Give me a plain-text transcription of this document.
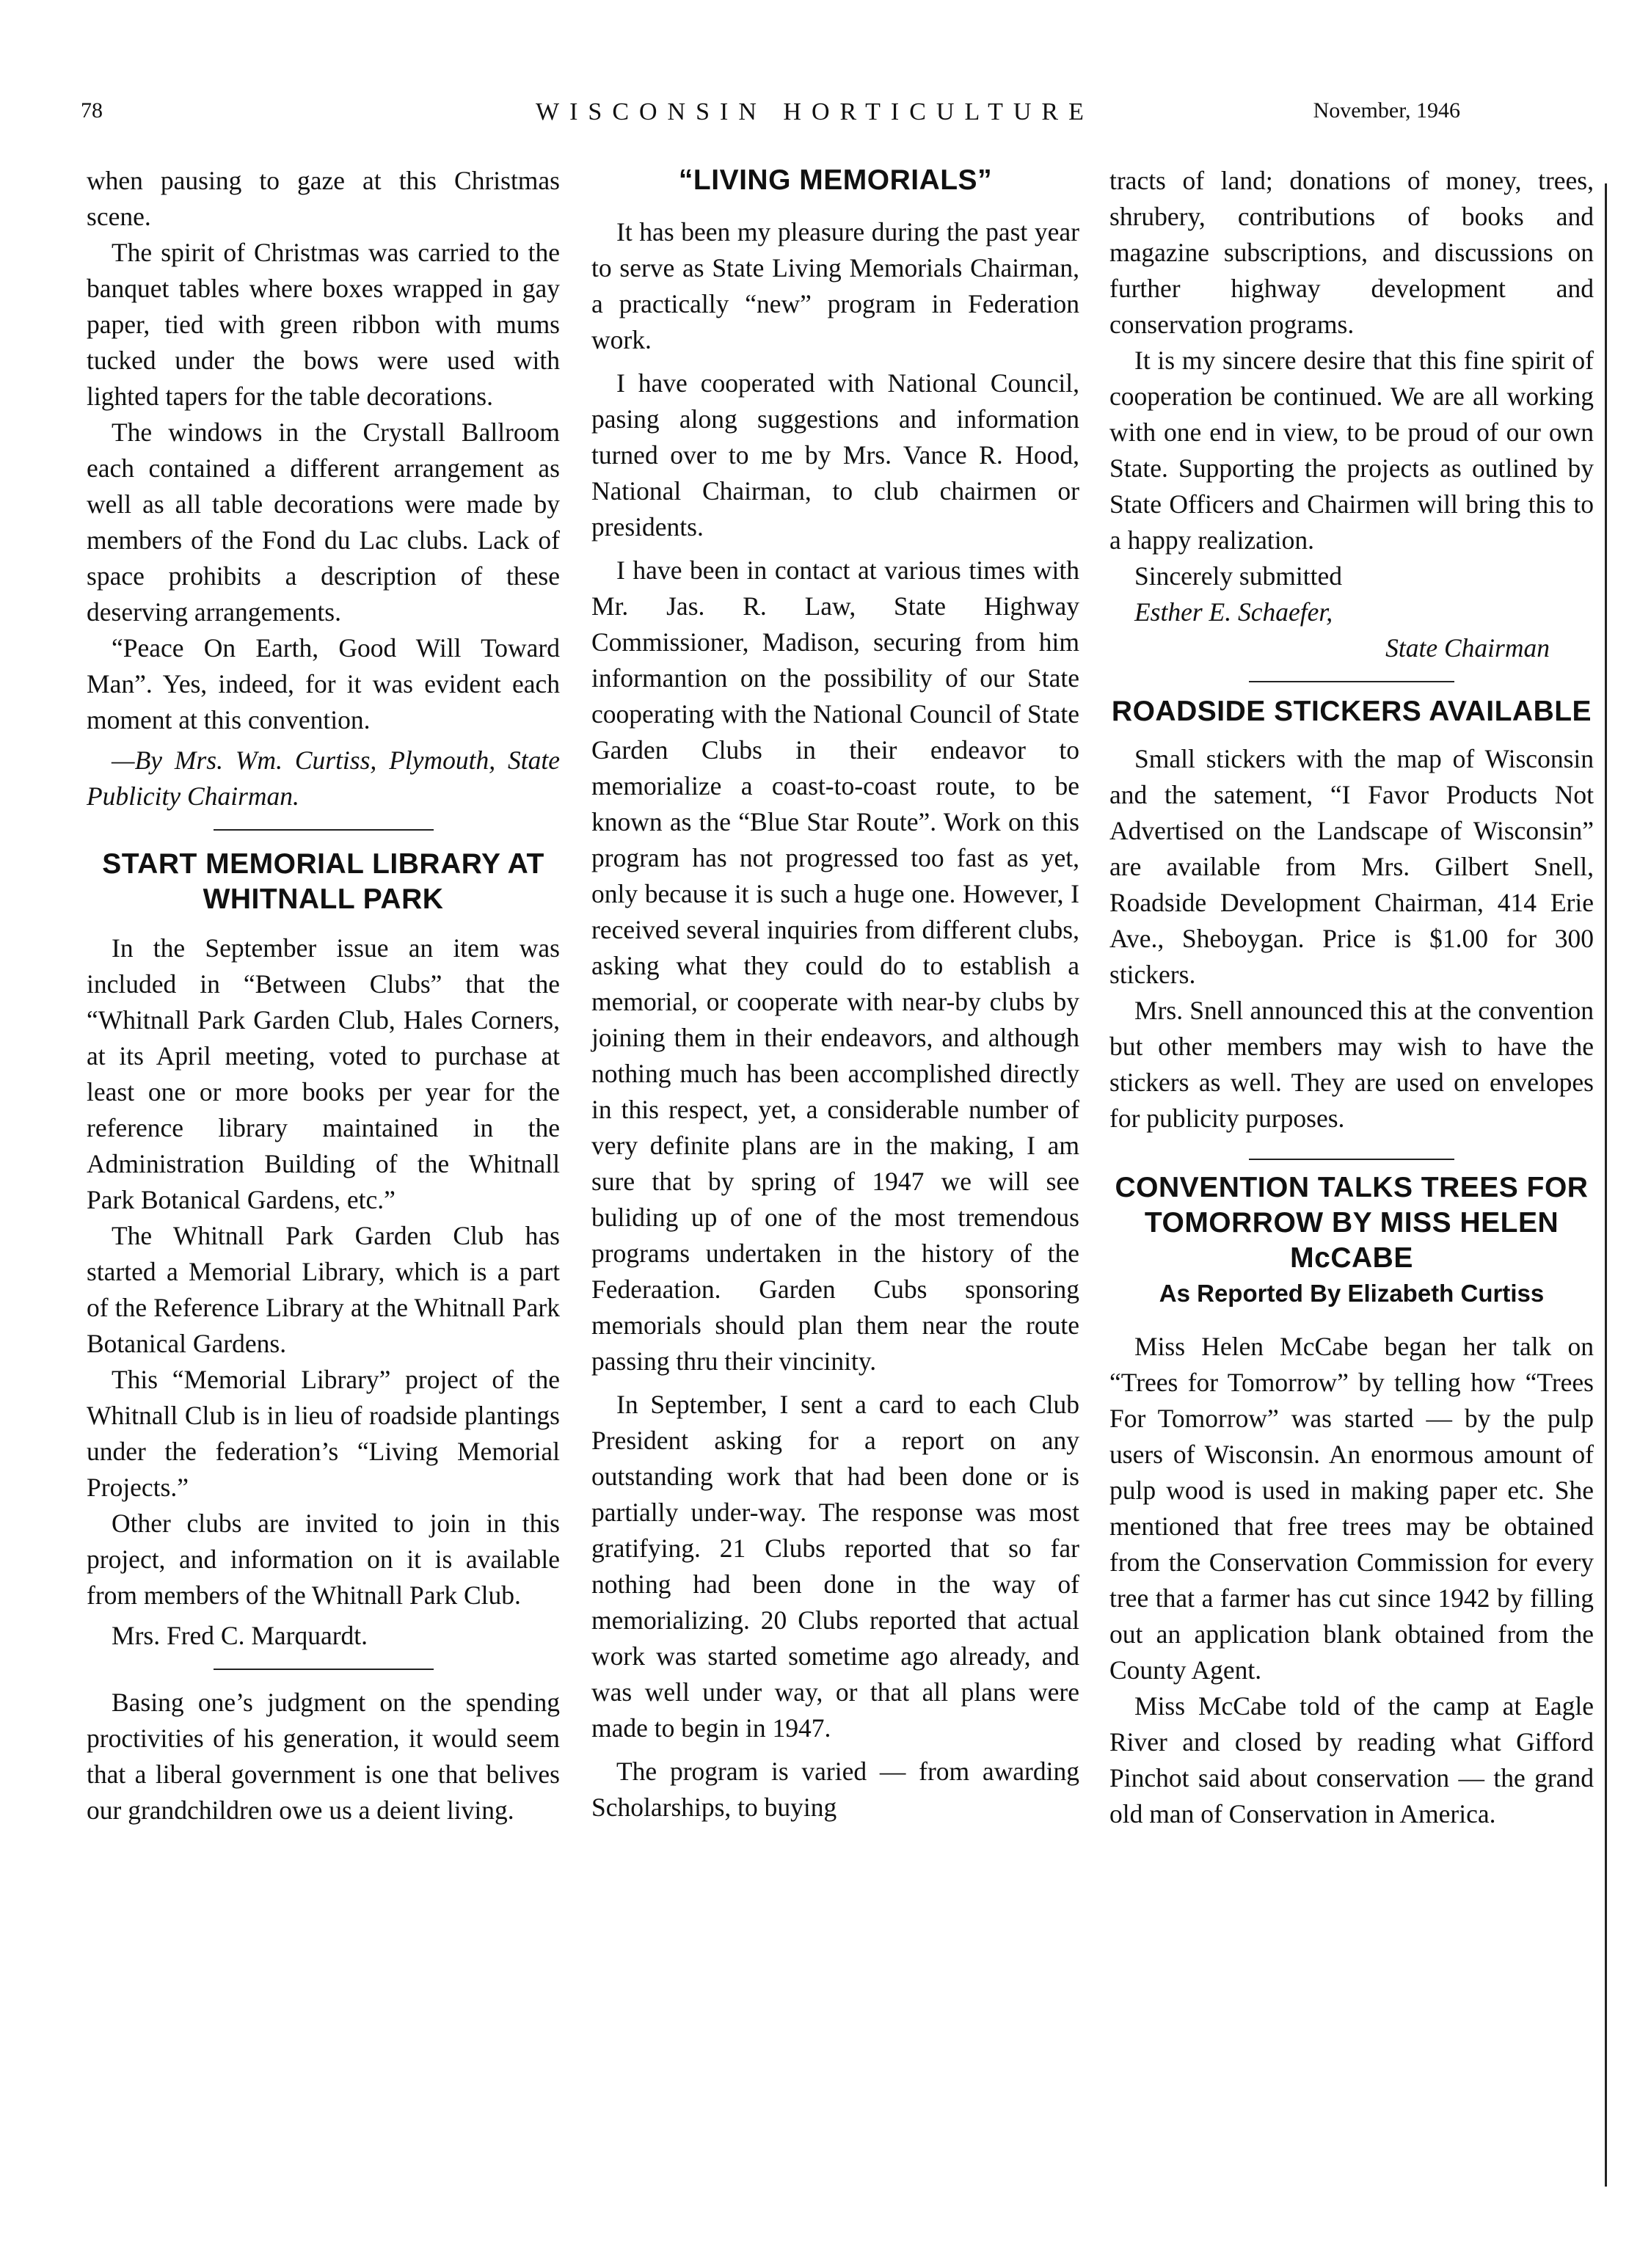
78	WISCONSIN HORTICULTURE	November, 1946

when pausing to gaze at this Christmas scene.

The spirit of Christmas was carried to the banquet tables where boxes wrapped in gay paper, tied with green ribbon with mums tucked under the bows were used with lighted tapers for the table decorations.

The windows in the Crystall Ballroom each contained a different arrangement as well as all table decorations were made by members of the Fond du Lac clubs. Lack of space prohibits a description of these deserving arrangements.

“Peace On Earth, Good Will Toward Man”. Yes, indeed, for it was evident each moment at this convention.

—By Mrs. Wm. Curtiss, Plymouth, State Publicity Chairman.

START MEMORIAL LIBRARY AT WHITNALL PARK

In the September issue an item was included in “Between Clubs” that the “Whitnall Park Garden Club, Hales Corners, at its April meeting, voted to purchase at least one or more books per year for the reference library maintained in the Administration Building of the Whitnall Park Botanical Gardens, etc.”

The Whitnall Park Garden Club has started a Memorial Library, which is a part of the Reference Library at the Whitnall Park Botanical Gardens.

This “Memorial Library” project of the Whitnall Club is in lieu of roadside plantings under the federation’s “Living Memorial Projects.”

Other clubs are invited to join in this project, and information on it is available from members of the Whitnall Park Club.

Mrs. Fred C. Marquardt.

Basing one’s judgment on the spending proctivities of his generation, it would seem that a liberal government is one that belives our grandchildren owe us a deient living.

“LIVING MEMORIALS”

It has been my pleasure during the past year to serve as State Living Memorials Chairman, a practically “new” program in Federation work.

I have cooperated with National Council, pasing along suggestions and information turned over to me by Mrs. Vance R. Hood, National Chairman, to club chairmen or presidents.

I have been in contact at various times with Mr. Jas. R. Law, State Highway Commissioner, Madison, securing from him informantion on the possibility of our State cooperating with the National Council of State Garden Clubs in their endeavor to memorialize a coast-to-coast route, to be known as the “Blue Star Route”. Work on this program has not progressed too fast as yet, only because it is such a huge one. However, I received several inquiries from different clubs, asking what they could do to establish a memorial, or cooperate with near-by clubs by joining them in their endeavors, and although nothing much has been accomplished directly in this respect, yet, a considerable number of very definite plans are in the making, I am sure that by spring of 1947 we will see buliding up of one of the most tremendous programs undertaken in the history of the Federaation. Garden Cubs sponsoring memorials should plan them near the route passing thru their vincinity.

In September, I sent a card to each Club President asking for a report on any outstanding work that had been done or is partially under-way. The response was most gratifying. 21 Clubs reported that so far nothing had been done in the way of memorializing. 20 Clubs reported that actual work was started sometime ago already, and was well under way, or that all plans were made to begin in 1947.

The program is varied — from awarding Scholarships, to buying

tracts of land; donations of money, trees, shrubery, contributions of books and magazine subscriptions, and discussions on further highway development and conservation programs.

It is my sincere desire that this fine spirit of cooperation be continued. We are all working with one end in view, to be proud of our own State. Supporting the projects as outlined by State Officers and Chairmen will bring this to a happy realization.

Sincerely submitted

Esther E. Schaefer,

State Chairman

ROADSIDE STICKERS AVAILABLE

Small stickers with the map of Wisconsin and the satement, “I Favor Products Not Advertised on the Landscape of Wisconsin” are available from Mrs. Gilbert Snell, Roadside Development Chairman, 414 Erie Ave., Sheboygan. Price is $1.00 for 300 stickers.

Mrs. Snell announced this at the convention but other members may wish to have the stickers as well. They are used on envelopes for publicity purposes.

CONVENTION TALKS TREES FOR TOMORROW BY MISS HELEN McCABE
As Reported By Elizabeth Curtiss

Miss Helen McCabe began her talk on “Trees for Tomorrow” by telling how “Trees For Tomorrow” was started — by the pulp users of Wisconsin. An enormous amount of pulp wood is used in making paper etc. She mentioned that free trees may be obtained from the Conservation Commission for every tree that a farmer has cut since 1942 by filling out an application blank obtained from the County Agent.

Miss McCabe told of the camp at Eagle River and closed by reading what Gifford Pinchot said about conservation — the grand old man of Conservation in America.
